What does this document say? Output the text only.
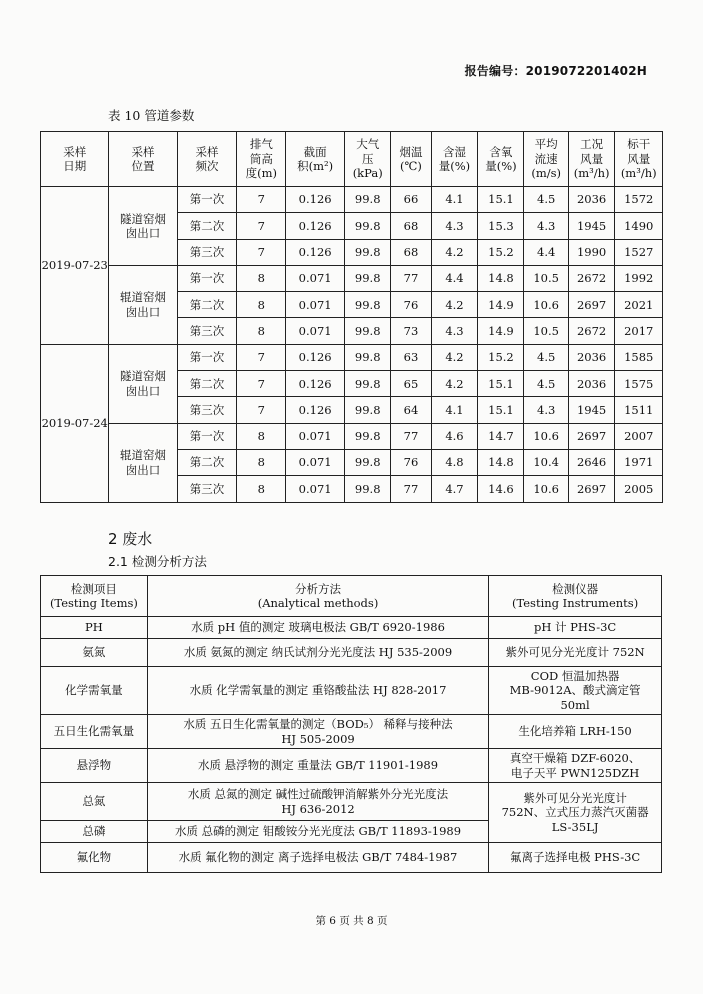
报告编号：2019072201402H
表 10 管道参数
采样
日期	采样
位置	采样
频次	排气
筒高
度(m)	截面
积(m²)	大气
压
(kPa)	烟温
(℃)	含湿
量(%)	含氧
量(%)	平均
流速
(m/s)	工况
风量
(m³/h)	标干
风量
(m³/h)

2019-07-23	隧道窑烟囱出口	第一次	7	0.126	99.8	66	4.1	15.1	4.5	2036	1572
		第二次	7	0.126	99.8	68	4.3	15.3	4.3	1945	1490
		第三次	7	0.126	99.8	68	4.2	15.2	4.4	1990	1527
	辊道窑烟囱出口	第一次	8	0.071	99.8	77	4.4	14.8	10.5	2672	1992
		第二次	8	0.071	99.8	76	4.2	14.9	10.6	2697	2021
		第三次	8	0.071	99.8	73	4.3	14.9	10.5	2672	2017
2019-07-24	隧道窑烟囱出口	第一次	7	0.126	99.8	63	4.2	15.2	4.5	2036	1585
		第二次	7	0.126	99.8	65	4.2	15.1	4.5	2036	1575
		第三次	7	0.126	99.8	64	4.1	15.1	4.3	1945	1511
	辊道窑烟囱出口	第一次	8	0.071	99.8	77	4.6	14.7	10.6	2697	2007
		第二次	8	0.071	99.8	76	4.8	14.8	10.4	2646	1971
		第三次	8	0.071	99.8	77	4.7	14.6	10.6	2697	2005
2 废水
2.1 检测分析方法
检测项目
(Testing Items)	分析方法
(Analytical methods)	检测仪器
(Testing Instruments)

PH	水质 pH 值的测定 玻璃电极法 GB/T 6920-1986	pH 计 PHS-3C

氨氮	水质 氨氮的测定 纳氏试剂分光光度法 HJ 535-2009	紫外可见分光光度计 752N

化学需氧量	水质 化学需氧量的测定 重铬酸盐法 HJ 828-2017	COD 恒温加热器
MB-9012A、酸式滴定管
50ml

五日生化需氧量	水质 五日生化需氧量的测定（BOD₅） 稀释与接种法
HJ 505-2009	生化培养箱 LRH-150

悬浮物	水质 悬浮物的测定 重量法 GB/T 11901-1989	真空干燥箱 DZF-6020、
电子天平 PWN125DZH

总氮	水质 总氮的测定 碱性过硫酸钾消解紫外分光光度法
HJ 636-2012	紫外可见分光光度计
752N、立式压力蒸汽灭菌器
LS-35LJ

总磷	水质 总磷的测定 钼酸铵分光光度法 GB/T 11893-1989	

氟化物	水质 氟化物的测定 离子选择电极法 GB/T 7484-1987	氟离子选择电极 PHS-3C
第 6 页 共 8 页
